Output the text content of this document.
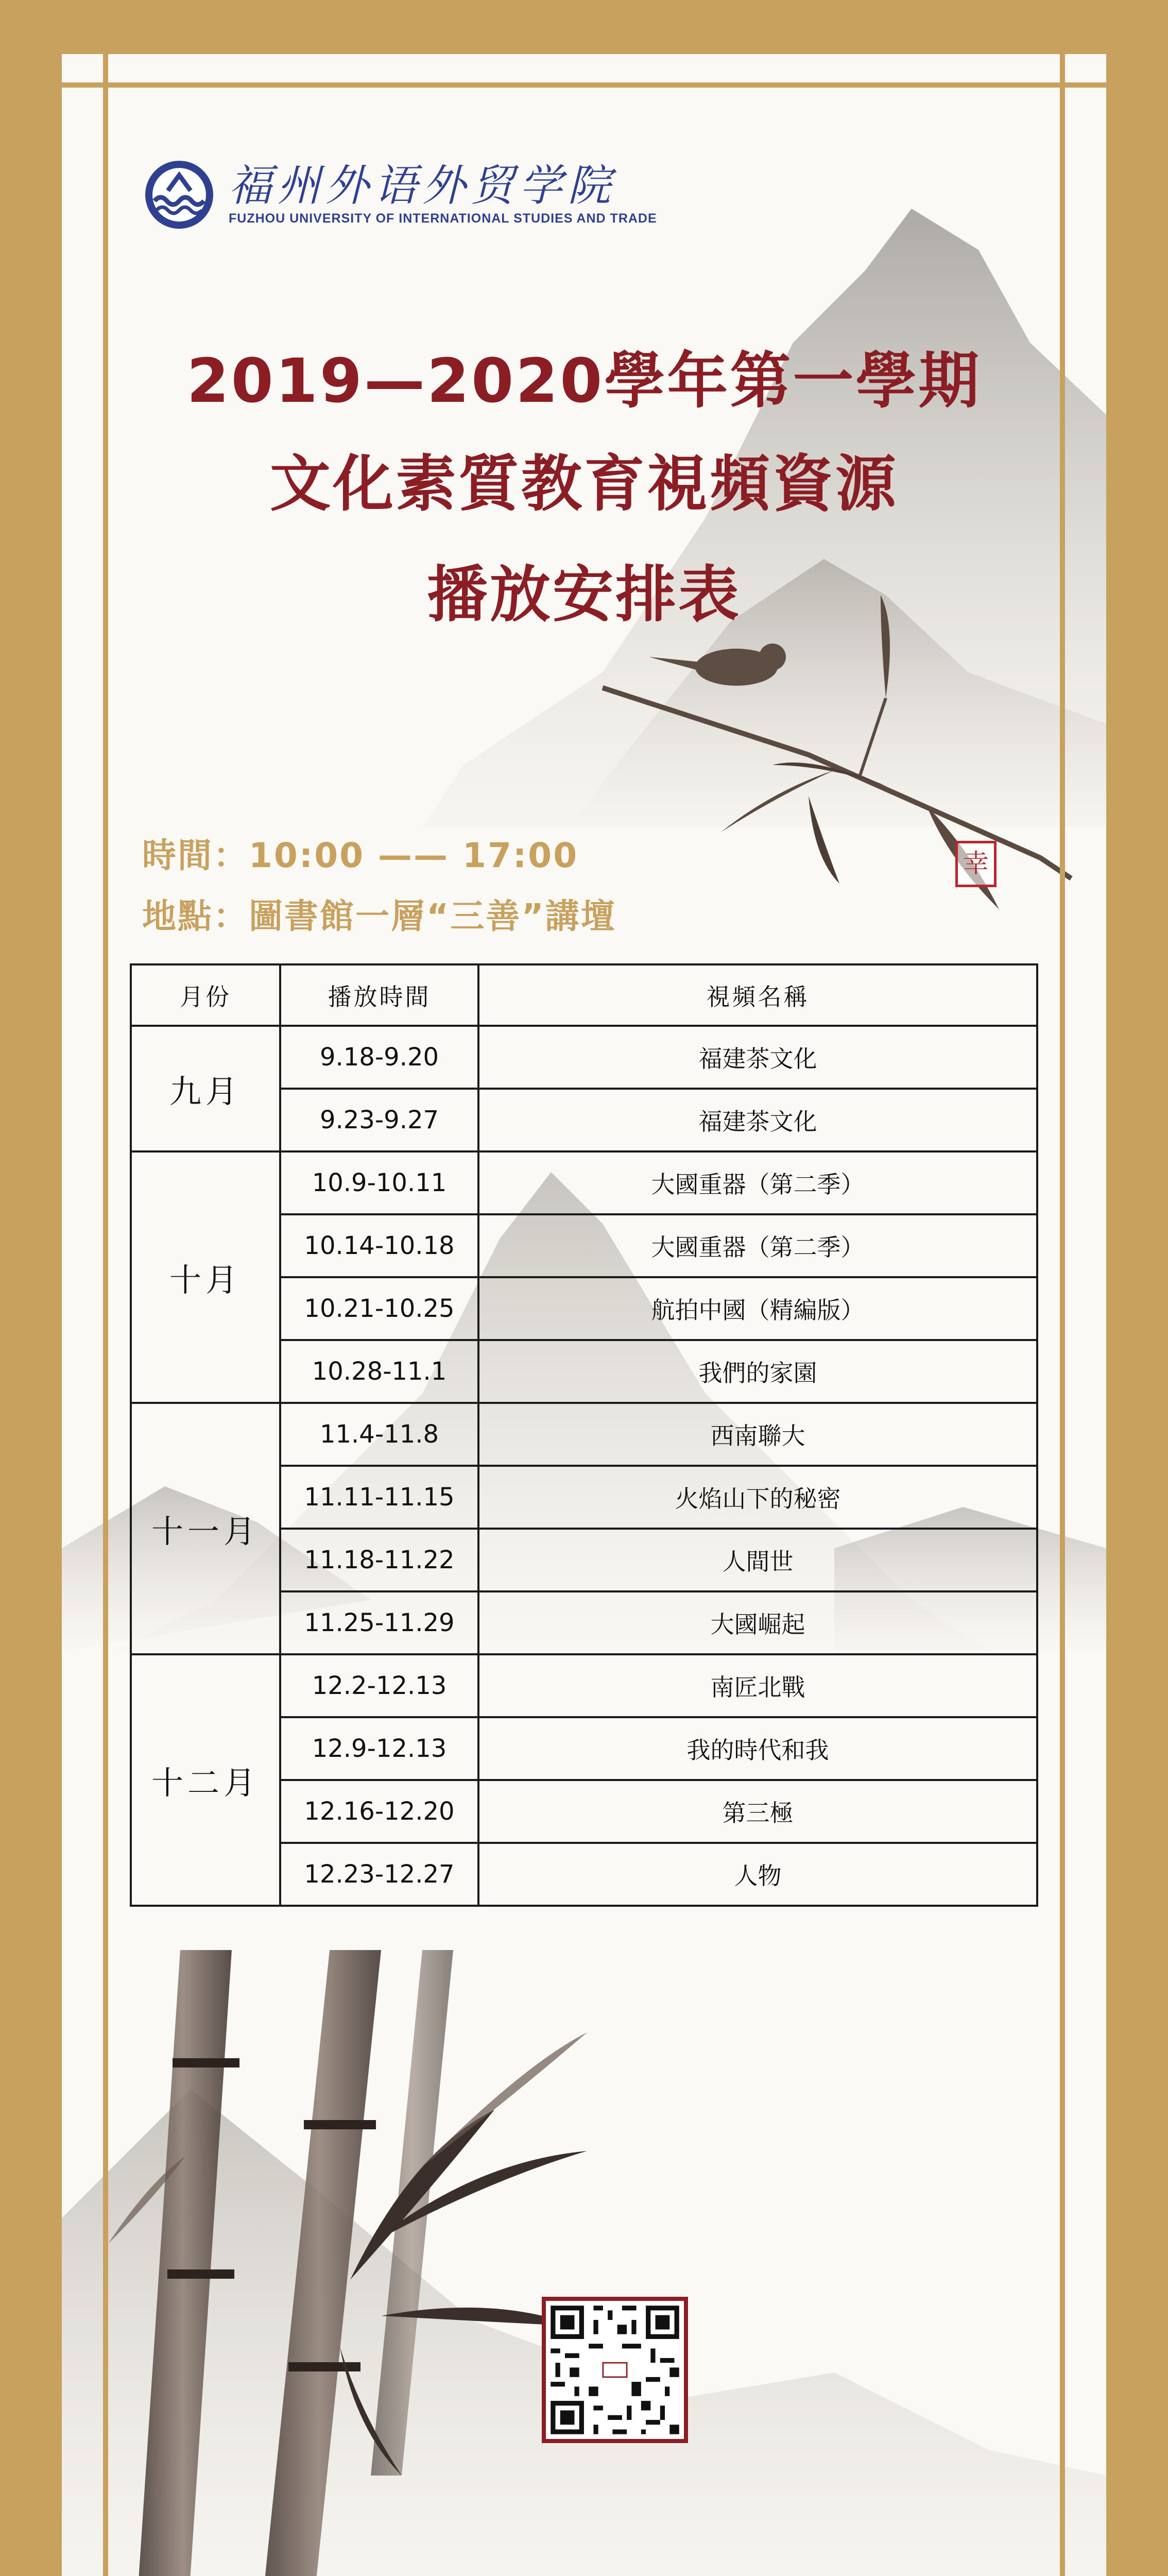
福州外语外贸学院
FUZHOU UNIVERSITY OF INTERNATIONAL STUDIES AND TRADE
2019—2020學年第一學期
文化素質教育視頻資源
播放安排表
幸
時間：10:00 —— 17:00
地點：圖書館一層“三善”講壇
月份	播放時間	視頻名稱
九月	9.18-9.20	福建茶文化
	9.23-9.27	福建茶文化
十月	10.9-10.11	大國重器（第二季）
	10.14-10.18	大國重器（第二季）
	10.21-10.25	航拍中國（精編版）
	10.28-11.1	我們的家園
十一月	11.4-11.8	西南聯大
	11.11-11.15	火焰山下的秘密
	11.18-11.22	人間世
	11.25-11.29	大國崛起
十二月	12.2-12.13	南匠北戰
	12.9-12.13	我的時代和我
	12.16-12.20	第三極
	12.23-12.27	人物
